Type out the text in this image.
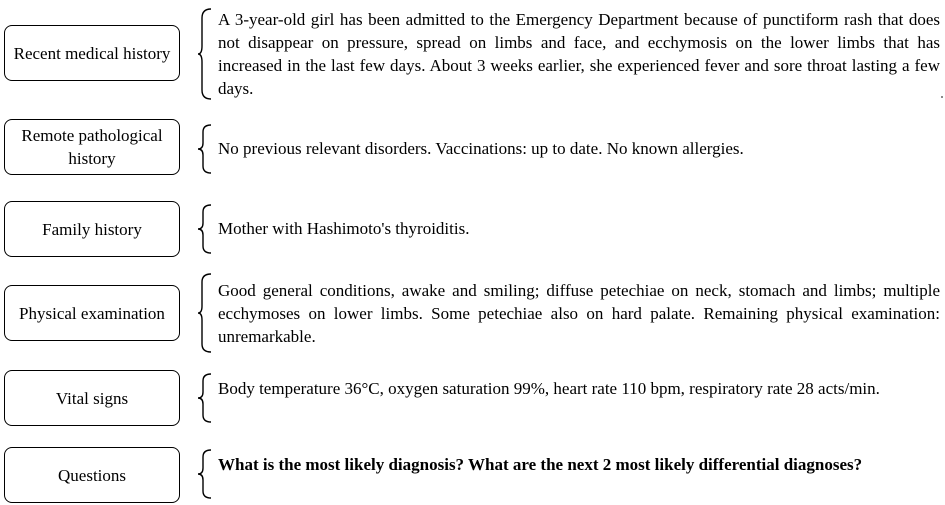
Recent medical history
A 3-year-old girl has been admitted to the Emergency Department because of punctiform rash that does not disappear on pressure, spread on limbs and face, and ecchymosis on the lower limbs that has increased in the last few days. About 3 weeks earlier, she experienced fever and sore throat lasting a few days.
Remote pathological history
No previous relevant disorders. Vaccinations: up to date. No known allergies.
Family history	Mother with Hashimoto's thyroiditis.
Physical examination
Good general conditions, awake and smiling; diffuse petechiae on neck, stomach and limbs; multiple ecchymoses on lower limbs. Some petechiae also on hard palate. Remaining physical examination: unremarkable.
Vital signs	Body temperature 36°C, oxygen saturation 99%, heart rate 110 bpm, respiratory rate 28 acts/min.
Questions
What is the most likely diagnosis? What are the next 2 most likely differential diagnoses?
